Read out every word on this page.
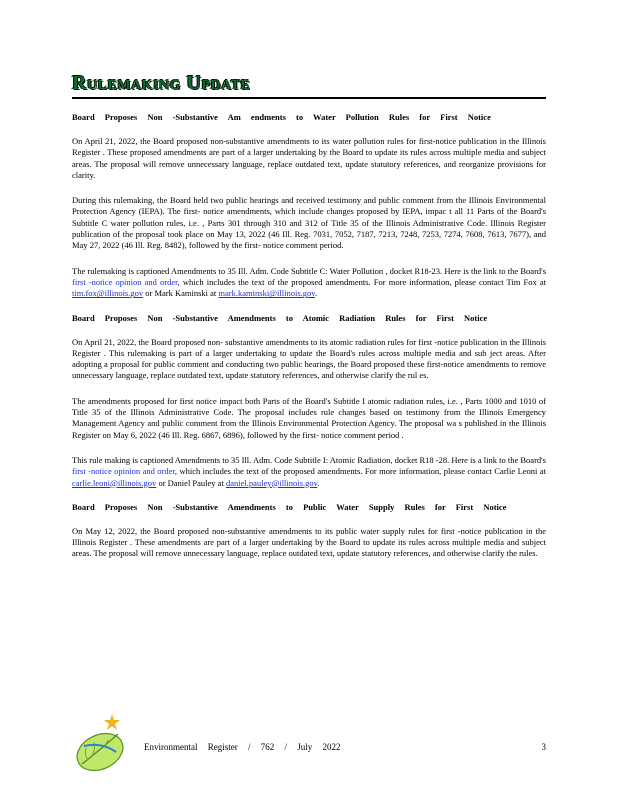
Rulemaking Update
Board Proposes Non -Substantive Am endments to Water Pollution Rules for First Notice

On April 21, 2022, the Board proposed non-substantive amendments to its water pollution rules for first-notice publication in the Illinois Register . These proposed amendments are part of a larger undertaking by the Board to update its rules across multiple media and subject areas. The proposal will remove unnecessary language, replace outdated text, update statutory references, and reorganize provisions for clarity.

During this rulemaking, the Board held two public hearings and received testimony and public comment from the Illinois Environmental Protection Agency (IEPA). The first- notice amendments, which include changes proposed by IEPA, impac t all 11 Parts of the Board's Subtitle C water pollution rules, i.e. , Parts 301 through 310 and 312 of Title 35 of the Illinois Administrative Code. Illinois Register publication of the proposal took place on May 13, 2022 (46 Ill. Reg. 7031, 7052, 7187, 7213, 7248, 7253, 7274, 7608, 7613, 7677), and May 27, 2022 (46 Ill. Reg. 8482), followed by the first- notice comment period.

The rulemaking is captioned Amendments to 35 Ill. Adm. Code Subtitle C: Water Pollution , docket R18-23. Here is the link to the Board's first -notice opinion and order, which includes the text of the proposed amendments. For more information, please contact Tim Fox at tim.fox@illinois.gov or Mark Kaminski at mark.kaminski@illinois.gov.

Board Proposes Non -Substantive Amendments to Atomic Radiation Rules for First Notice

On April 21, 2022, the Board proposed non- substantive amendments to its atomic radiation rules for first -notice publication in the Illinois Register . This rulemaking is part of a larger undertaking to update the Board's rules across multiple media and sub ject areas. After adopting a proposal for public comment and conducting two public hearings, the Board proposed these first-notice amendments to remove unnecessary language, replace outdated text, update statutory references, and otherwise clarify the rul es.

The amendments proposed for first notice impact both Parts of the Board's Subtitle I atomic radiation rules, i.e. , Parts 1000 and 1010 of Title 35 of the Illinois Administrative Code. The proposal includes rule changes based on testimony from the Illinois Emergency Management Agency and public comment from the Illinois Environmental Protection Agency. The proposal wa s published in the Illinois Register on May 6, 2022 (46 Ill. Reg. 6867, 6896), followed by the first- notice comment period .

This rule making is captioned Amendments to 35 Ill. Adm. Code Subtitle I: Atomic Radiation, docket R18 -28. Here is a link to the Board's first -notice opinion and order, which includes the text of the proposed amendments. For more information, please contact Carlie Leoni at carlie.leoni@illinois.gov or Daniel Pauley at daniel.pauley@illinois.gov.

Board Proposes Non -Substantive Amendments to Public Water Supply Rules for First Notice

On May 12, 2022, the Board proposed non-substantive amendments to its public water supply rules for first -notice publication in the Illinois Register . These amendments are part of a larger undertaking by the Board to update its rules across multiple media and subject areas. The proposal will remove unnecessary language, replace outdated text, update statutory references, and otherwise clarify the rules.

Environmental Register / 762 / July 2022	3
